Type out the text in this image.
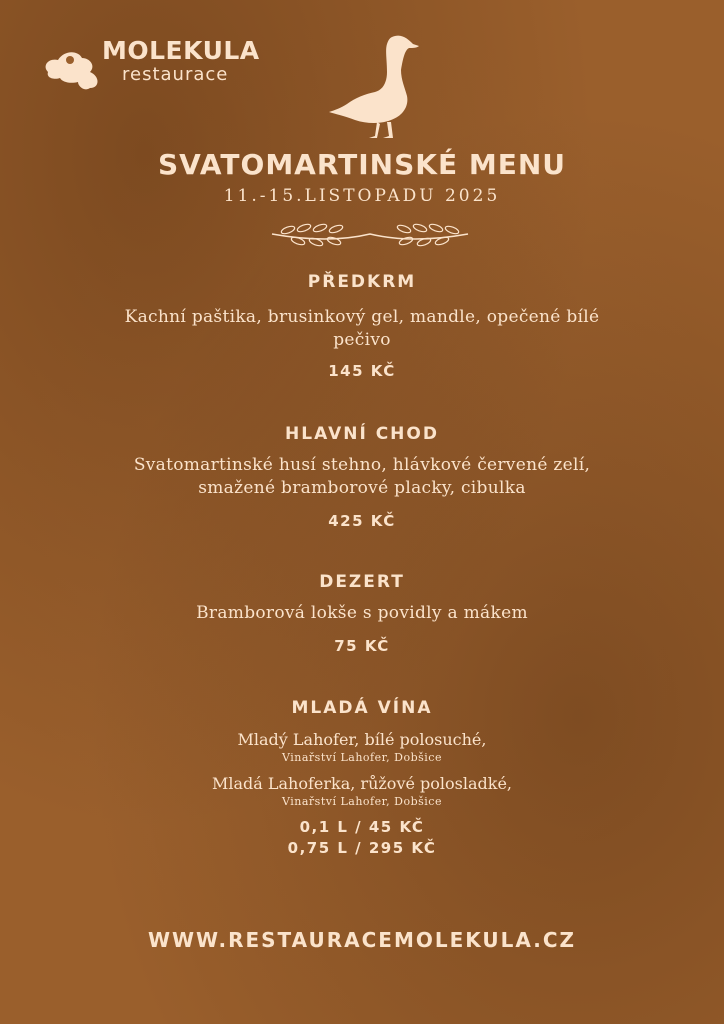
MOLEKULA
restaurace
SVATOMARTINSKÉ MENU
11.-15.LISTOPADU 2025
PŘEDKRM
Kachní paštika, brusinkový gel, mandle, opečené bílé
pečivo
145 KČ
HLAVNÍ CHOD
Svatomartinské husí stehno, hlávkové červené zelí,
smažené bramborové placky, cibulka
425 KČ
DEZERT
Bramborová lokše s povidly a mákem
75 KČ
MLADÁ VÍNA
Mladý Lahofer, bílé polosuché,
Vinařství Lahofer, Dobšice
Mladá Lahoferka, růžové polosladké,
Vinařství Lahofer, Dobšice
0,1 L / 45 KČ
0,75 L / 295 KČ
WWW.RESTAURACEMOLEKULA.CZ
